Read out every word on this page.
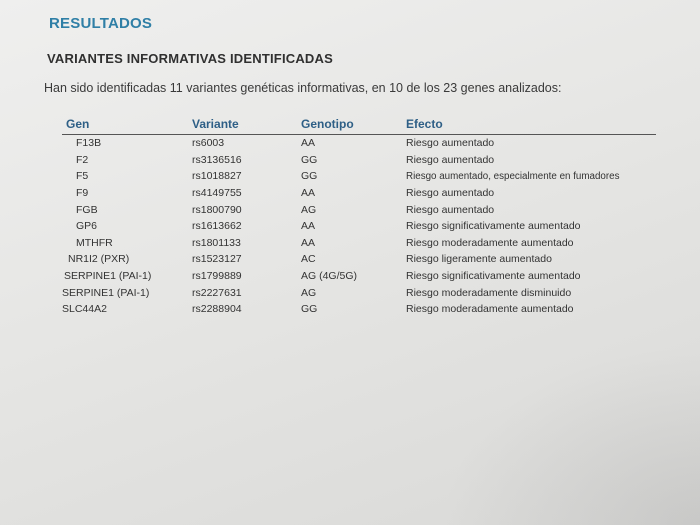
RESULTADOS
VARIANTES INFORMATIVAS IDENTIFICADAS
Han sido identificadas 11 variantes genéticas informativas, en 10 de los 23 genes analizados:
Gen	Variante	Genotipo	Efecto
F13B	rs6003	AA	Riesgo aumentado
F2	rs3136516	GG	Riesgo aumentado
F5	rs1018827	GG	Riesgo aumentado, especialmente en fumadores
F9	rs4149755	AA	Riesgo aumentado
FGB	rs1800790	AG	Riesgo aumentado
GP6	rs1613662	AA	Riesgo significativamente aumentado
MTHFR	rs1801133	AA	Riesgo moderadamente aumentado
NR1I2 (PXR)	rs1523127	AC	Riesgo ligeramente aumentado
SERPINE1 (PAI-1)	rs1799889	AG (4G/5G)	Riesgo significativamente aumentado
SERPINE1 (PAI-1)	rs2227631	AG	Riesgo moderadamente disminuido
SLC44A2	rs2288904	GG	Riesgo moderadamente aumentado
